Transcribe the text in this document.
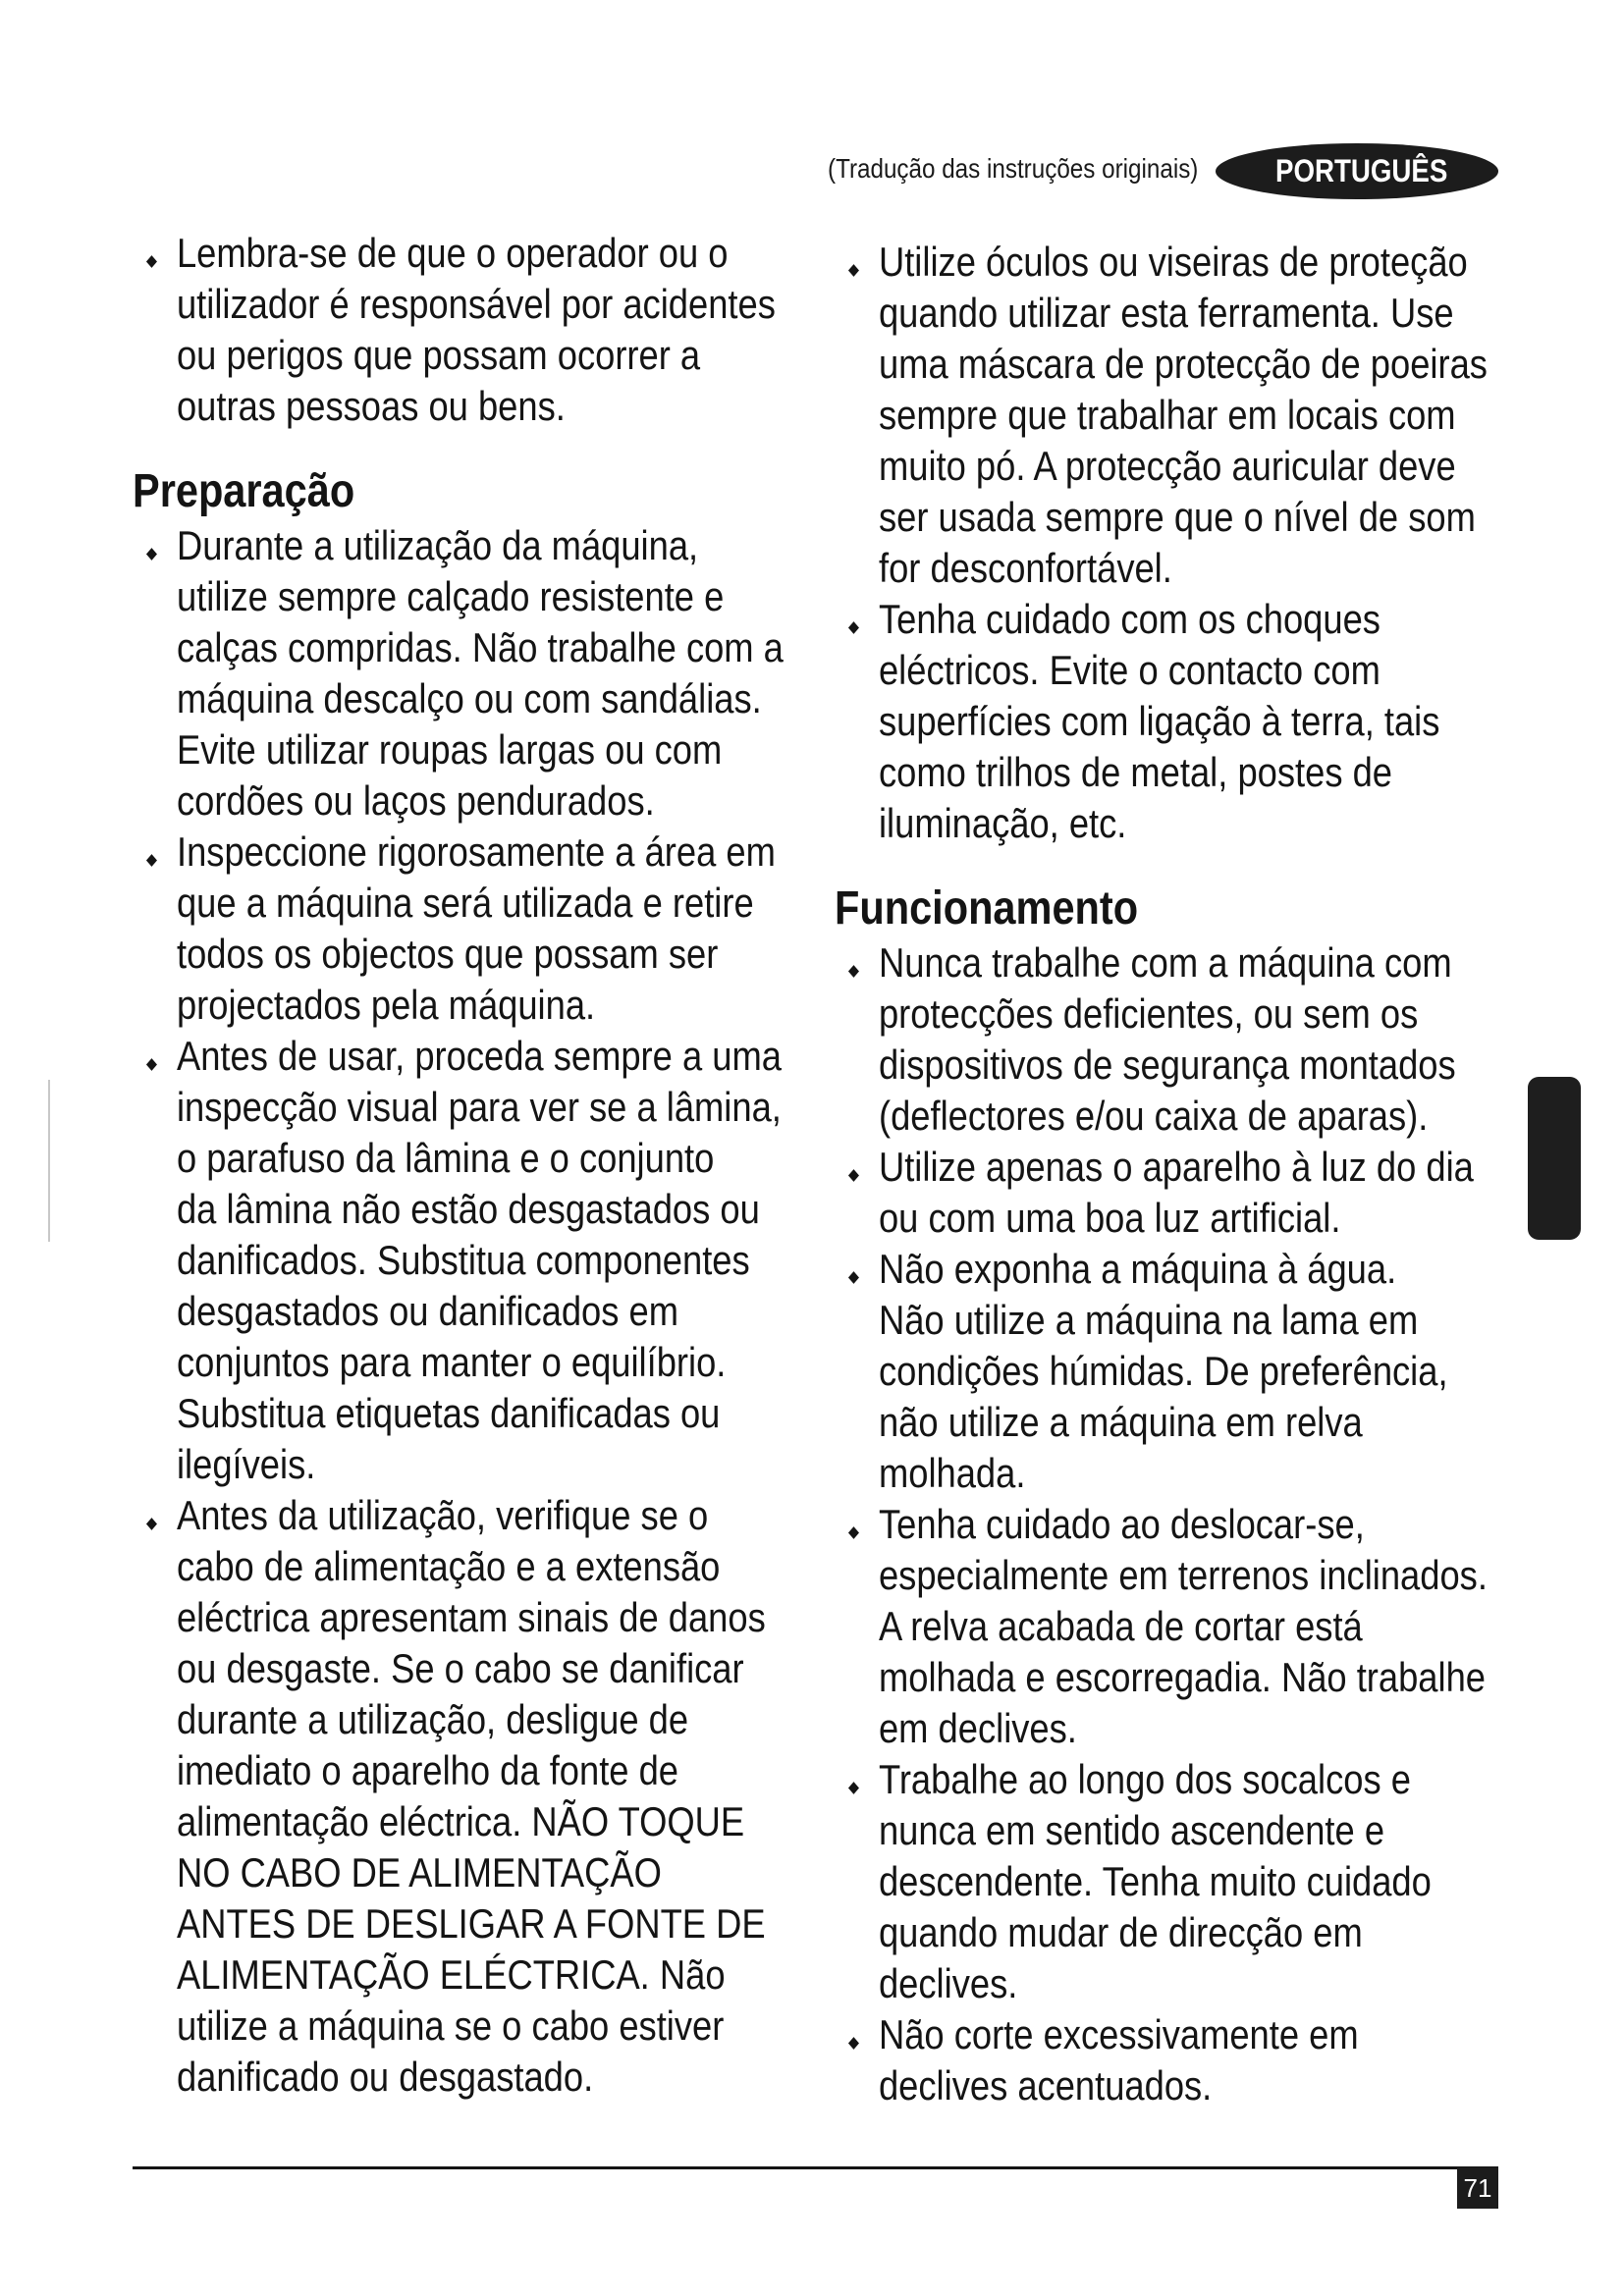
(Tradução das instruções originais) PORTUGUÊS
Lembra-se de que o operador ou o
utilizador é responsável por acidentes
ou perigos que possam ocorrer a
outras pessoas ou bens.
Preparação
Durante a utilização da máquina,
utilize sempre calçado resistente e
calças compridas. Não trabalhe com a
máquina descalço ou com sandálias.
Evite utilizar roupas largas ou com
cordões ou laços pendurados.
Inspeccione rigorosamente a área em
que a máquina será utilizada e retire
todos os objectos que possam ser
projectados pela máquina.
Antes de usar, proceda sempre a uma
inspecção visual para ver se a lâmina,
o parafuso da lâmina e o conjunto
da lâmina não estão desgastados ou
danificados. Substitua componentes
desgastados ou danificados em
conjuntos para manter o equilíbrio.
Substitua etiquetas danificadas ou
ilegíveis.
Antes da utilização, verifique se o
cabo de alimentação e a extensão
eléctrica apresentam sinais de danos
ou desgaste. Se o cabo se danificar
durante a utilização, desligue de
imediato o aparelho da fonte de
alimentação eléctrica. NÃO TOQUE
NO CABO DE ALIMENTAÇÃO
ANTES DE DESLIGAR A FONTE DE
ALIMENTAÇÃO ELÉCTRICA. Não
utilize a máquina se o cabo estiver
danificado ou desgastado.
Utilize óculos ou viseiras de proteção
quando utilizar esta ferramenta. Use
uma máscara de protecção de poeiras
sempre que trabalhar em locais com
muito pó. A protecção auricular deve
ser usada sempre que o nível de som
for desconfortável.
Tenha cuidado com os choques
eléctricos. Evite o contacto com
superfícies com ligação à terra, tais
como trilhos de metal, postes de
iluminação, etc.
Funcionamento
Nunca trabalhe com a máquina com
protecções deficientes, ou sem os
dispositivos de segurança montados
(deflectores e/ou caixa de aparas).
Utilize apenas o aparelho à luz do dia
ou com uma boa luz artificial.
Não exponha a máquina à água.
Não utilize a máquina na lama em
condições húmidas. De preferência,
não utilize a máquina em relva
molhada.
Tenha cuidado ao deslocar-se,
especialmente em terrenos inclinados.
A relva acabada de cortar está
molhada e escorregadia. Não trabalhe
em declives.
Trabalhe ao longo dos socalcos e
nunca em sentido ascendente e
descendente. Tenha muito cuidado
quando mudar de direcção em
declives.
Não corte excessivamente em
declives acentuados.
71
